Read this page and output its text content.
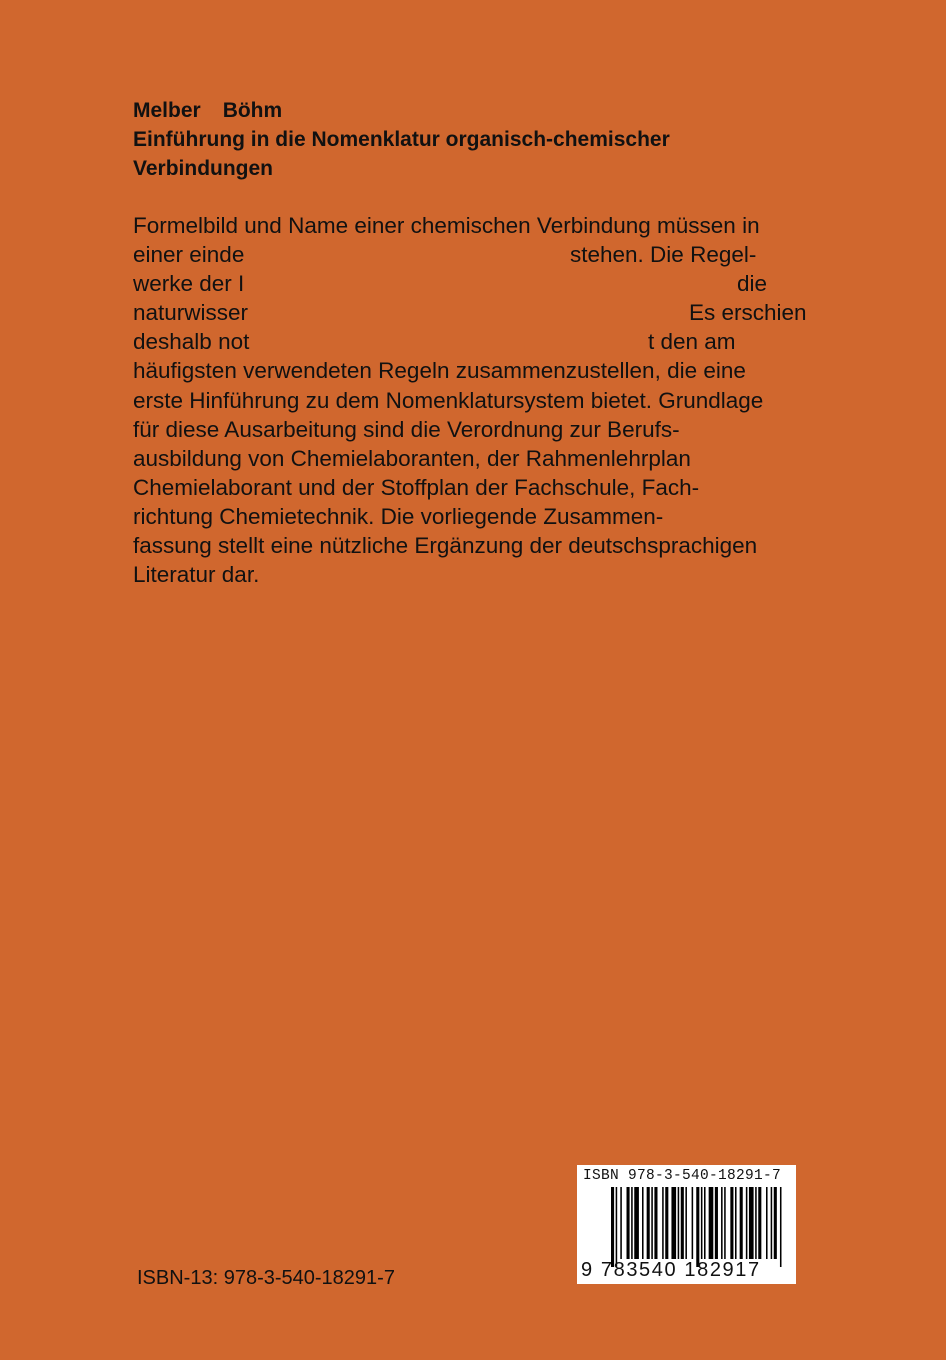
Melber Böhm
Einführung in die Nomenklatur organisch-chemischer
Verbindungen
Formelbild und Name einer chemischen Verbindung müssen in
einer einde	stehen. Die Regel-
werke der I	die
naturwisser	Es erschien
deshalb not	t den am
häufigsten verwendeten Regeln zusammenzustellen, die eine
erste Hinführung zu dem Nomenklatursystem bietet. Grundlage
für diese Ausarbeitung sind die Verordnung zur Berufs-
ausbildung von Chemielaboranten, der Rahmenlehrplan
Chemielaborant und der Stoffplan der Fachschule, Fach-
richtung Chemietechnik. Die vorliegende Zusammen-
fassung stellt eine nützliche Ergänzung der deutschsprachigen
Literatur dar.
ISBN 978-3-540-18291-7
9 783540 182917
ISBN-13: 978-3-540-18291-7
